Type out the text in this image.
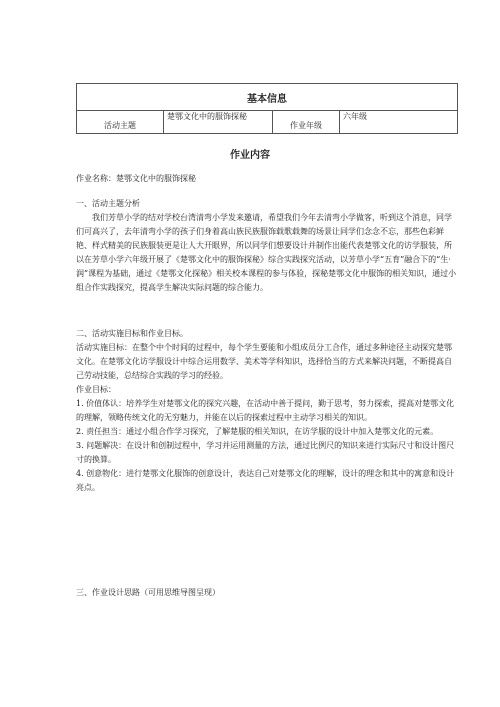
基本信息
活动主题	楚鄂文化中的服饰探秘	作业年级	六年级
作业内容
作业名称：楚鄂文化中的服饰探秘

一、活动主题分析

我们芳草小学的结对学校台湾清弯小学发来邀请，希望我们今年去清弯小学做客，听到这个消息，同学们可高兴了，去年清弯小学的孩子们身着高山族民族服饰载歌载舞的场景让同学们念念不忘，那些色彩鲜艳、样式精美的民族服装更是让人大开眼界，所以同学们想要设计并制作出能代表楚鄂文化的访学服装，所以在芳草小学六年级开展了《楚鄂文化中的服饰探秘》综合实践探究活动，以芳草小学“五育”融合下的“生·润”课程为基础，通过《楚鄂文化探秘》相关校本课程的参与体验，探秘楚鄂文化中服饰的相关知识，通过小组合作实践探究，提高学生解决实际问题的综合能力。

二、活动实施目标和作业目标。

活动实施目标：在整个中个时间的过程中，每个学生要能和小组成员分工合作，通过多种途径主动探究楚鄂文化。在楚鄂文化访学服设计中综合运用数学、美术等学科知识，选择恰当的方式来解决问题，不断提高自己劳动技能，总结综合实践的学习的经验。

作业目标：

1. 价值体认：培养学生对楚鄂文化的探究兴趣，在活动中善于提问，勤于思考，努力探索，提高对楚鄂文化的理解，领略传统文化的无穷魅力，并能在以后的探索过程中主动学习相关的知识。

2. 责任担当：通过小组合作学习探究，了解楚服的相关知识，在访学服的设计中加入楚鄂文化的元素。

3. 问题解决：在设计和创制过程中，学习并运用测量的方法，通过比例尺的知识来进行实际尺寸和设计图尺寸的换算。

4. 创意物化：进行楚鄂文化服饰的创意设计，表达自己对楚鄂文化的理解，设计的理念和其中的寓意和设计亮点。

三、作业设计思路（可用思维导图呈现）
